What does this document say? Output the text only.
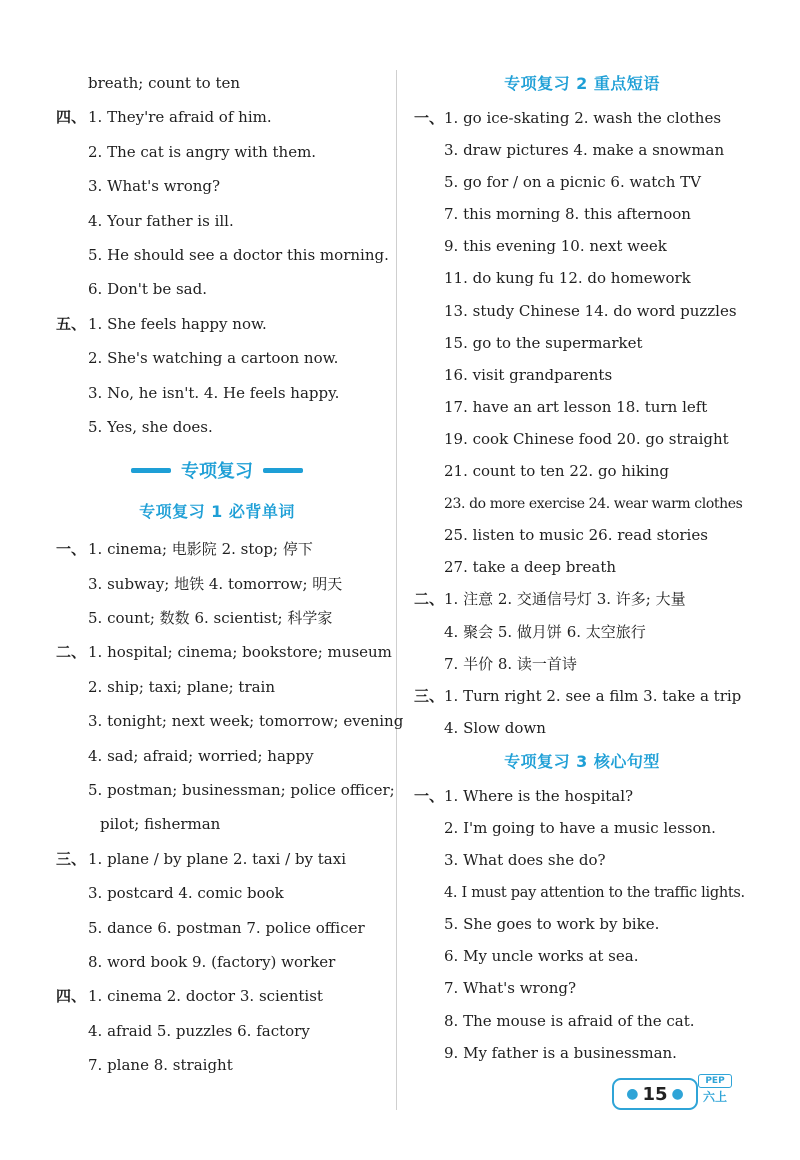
breath; count to ten
四、 1. They're afraid of him.
2. The cat is angry with them.
3. What's wrong?
4. Your father is ill.
5. He should see a doctor this morning.
6. Don't be sad.
五、 1. She feels happy now.
2. She's watching a cartoon now.
3. No, he isn't. 4. He feels happy.
5. Yes, she does.
专项复习
专项复习 1 必背单词
一、 1. cinema; 电影院 2. stop; 停下
3. subway; 地铁 4. tomorrow; 明天
5. count; 数数 6. scientist; 科学家
二、 1. hospital; cinema; bookstore; museum
2. ship; taxi; plane; train
3. tonight; next week; tomorrow; evening
4. sad; afraid; worried; happy
5. postman; businessman; police officer;
pilot; fisherman
三、 1. plane / by plane 2. taxi / by taxi
3. postcard 4. comic book
5. dance 6. postman 7. police officer
8. word book 9. (factory) worker
四、 1. cinema 2. doctor 3. scientist
4. afraid 5. puzzles 6. factory
7. plane 8. straight
专项复习 2 重点短语
一、 1. go ice-skating 2. wash the clothes
3. draw pictures 4. make a snowman
5. go for / on a picnic 6. watch TV
7. this morning 8. this afternoon
9. this evening 10. next week
11. do kung fu 12. do homework
13. study Chinese 14. do word puzzles
15. go to the supermarket
16. visit grandparents
17. have an art lesson 18. turn left
19. cook Chinese food 20. go straight
21. count to ten 22. go hiking
23. do more exercise 24. wear warm clothes
25. listen to music 26. read stories
27. take a deep breath
二、 1. 注意 2. 交通信号灯 3. 许多; 大量
4. 聚会 5. 做月饼 6. 太空旅行
7. 半价 8. 读一首诗
三、 1. Turn right 2. see a film 3. take a trip
4. Slow down
专项复习 3 核心句型
一、 1. Where is the hospital?
2. I'm going to have a music lesson.
3. What does she do?
4. I must pay attention to the traffic lights.
5. She goes to work by bike.
6. My uncle works at sea.
7. What's wrong?
8. The mouse is afraid of the cat.
9. My father is a businessman.
● 15 ●
PEP
六上
